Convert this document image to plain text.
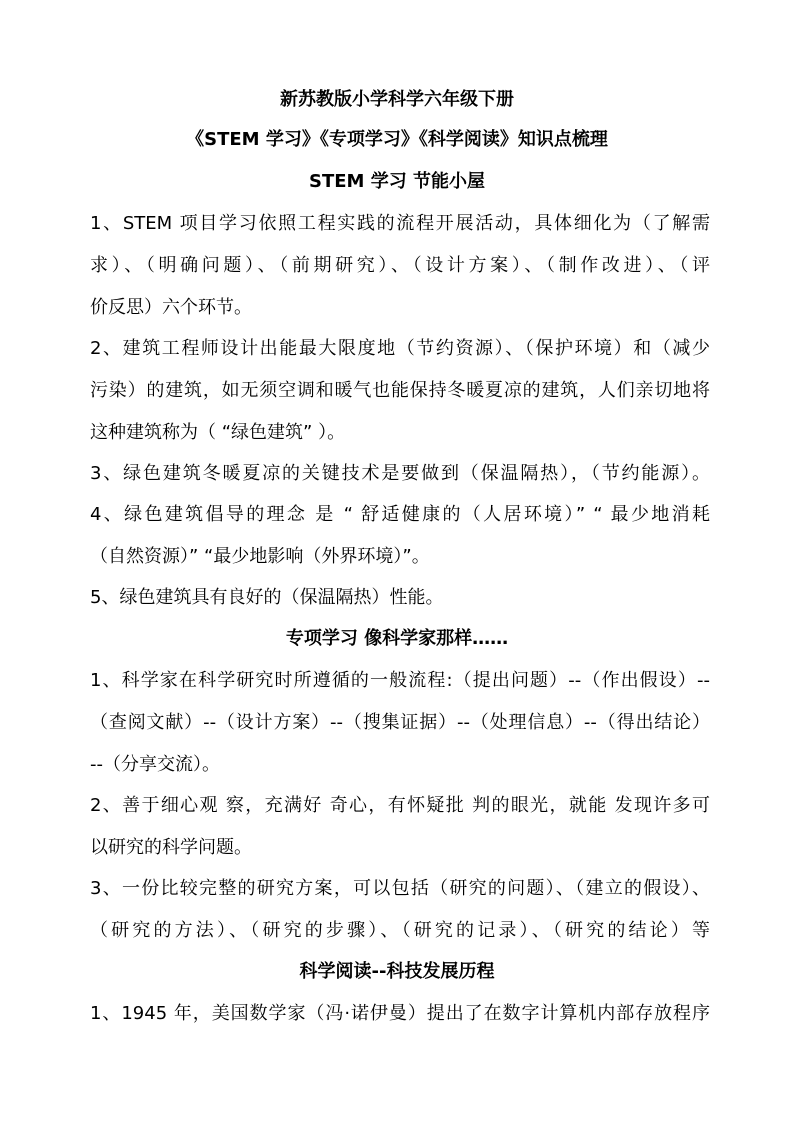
新苏教版小学科学六年级下册
《STEM 学习》《专项学习》《科学阅读》知识点梳理
STEM 学习 节能小屋
1、STEM 项目学习依照工程实践的流程开展活动，具体细化为（了解需
求）、（明确问题）、（前期研究）、（设计方案）、（制作改进）、（评
价反思）六个环节。
2、建筑工程师设计出能最大限度地（节约资源）、（保护环境）和（减少
污染）的建筑，如无须空调和暖气也能保持冬暖夏凉的建筑，人们亲切地将
这种建筑称为（ “绿色建筑” ）。
3、绿色建筑冬暖夏凉的关键技术是要做到（保温隔热），（节约能源）。
4、绿色建筑倡导的理念 是 “ 舒适健康的（人居环境）” “ 最少地消耗
（自然资源）” “最少地影响（外界环境）”。
5、绿色建筑具有良好的（保温隔热）性能。
专项学习 像科学家那样……
1、科学家在科学研究时所遵循的一般流程:（提出问题）--（作出假设）--
（查阅文献）--（设计方案）--（搜集证据）--（处理信息）--（得出结论）
--（分享交流）。
2、善于细心观 察，充满好 奇心，有怀疑批 判的眼光，就能 发现许多可
以研究的科学问题。
3、一份比较完整的研究方案，可以包括（研究的问题）、（建立的假设）、
（研究的方法）、（研究的步骤）、（研究的记录）、（研究的结论）等
科学阅读--科技发展历程
1、1945 年，美国数学家（冯·诺伊曼）提出了在数字计算机内部存放程序
